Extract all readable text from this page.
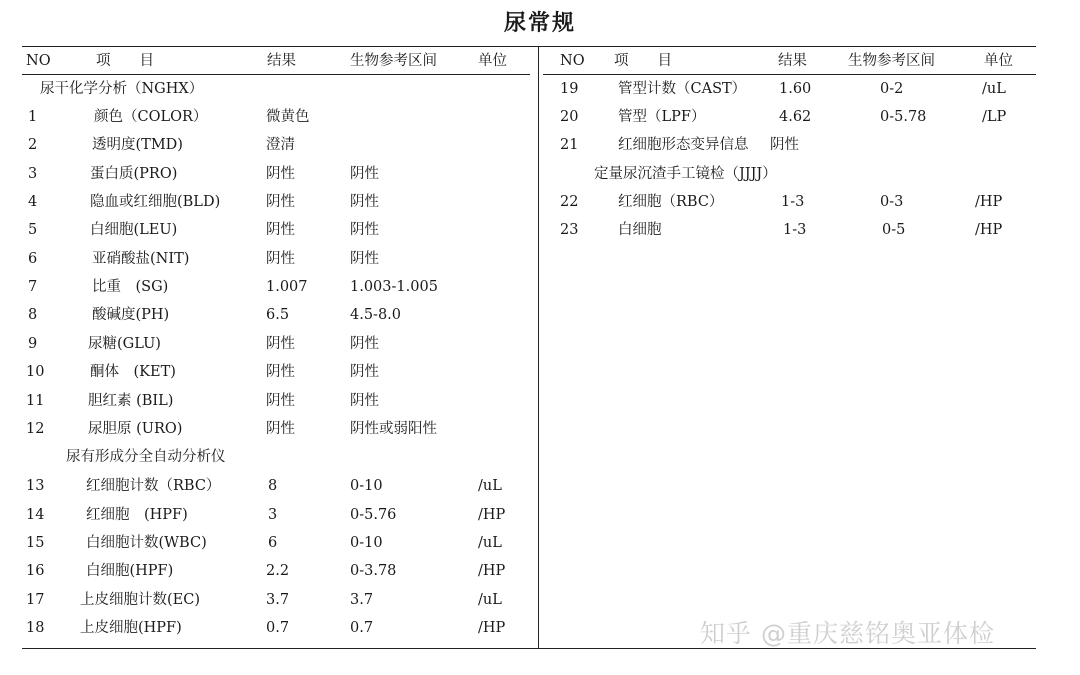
尿常规
NO	项　　目	结果	生物参考区间	单位	NO 项　　目	结果	生物参考区间	单位
尿干化学分析（NGHX）
1	颜色（COLOR）	微黄色
2	透明度(TMD)	澄清
3	蛋白质(PRO)	阴性	阴性
4	隐血或红细胞(BLD)	阴性	阴性
5	白细胞(LEU)	阴性	阴性
6	亚硝酸盐(NIT)	阴性	阴性
7	比重　(SG)	1.007	1.003-1.005
8	酸碱度(PH)	6.5	4.5-8.0
9	尿糖(GLU)	阴性	阴性
10	酮体　(KET)	阴性	阴性
11	胆红素 (BIL)	阴性	阴性
12	尿胆原 (URO)	阴性	阴性或弱阳性
尿有形成分全自动分析仪
13	红细胞计数（RBC）	8	0-10	/uL
14	红细胞　(HPF)	3	0-5.76	/HP
15	白细胞计数(WBC)	6	0-10	/uL
16	白细胞(HPF)	2.2	0-3.78	/HP
17 上皮细胞计数(EC)	3.7	3.7	/uL
18 上皮细胞(HPF)	0.7	0.7	/HP
19	管型计数（CAST） 1.60	0-2	/uL
20	管型（LPF）	4.62	0-5.78	/LP
21	红细胞形态变异信息 阴性
定量尿沉渣手工镜检（JJJJ）
22	红细胞（RBC）	1-3	0-3	/HP
23	白细胞	1-3	0-5	/HP
知乎 @重庆慈铭奥亚体检
